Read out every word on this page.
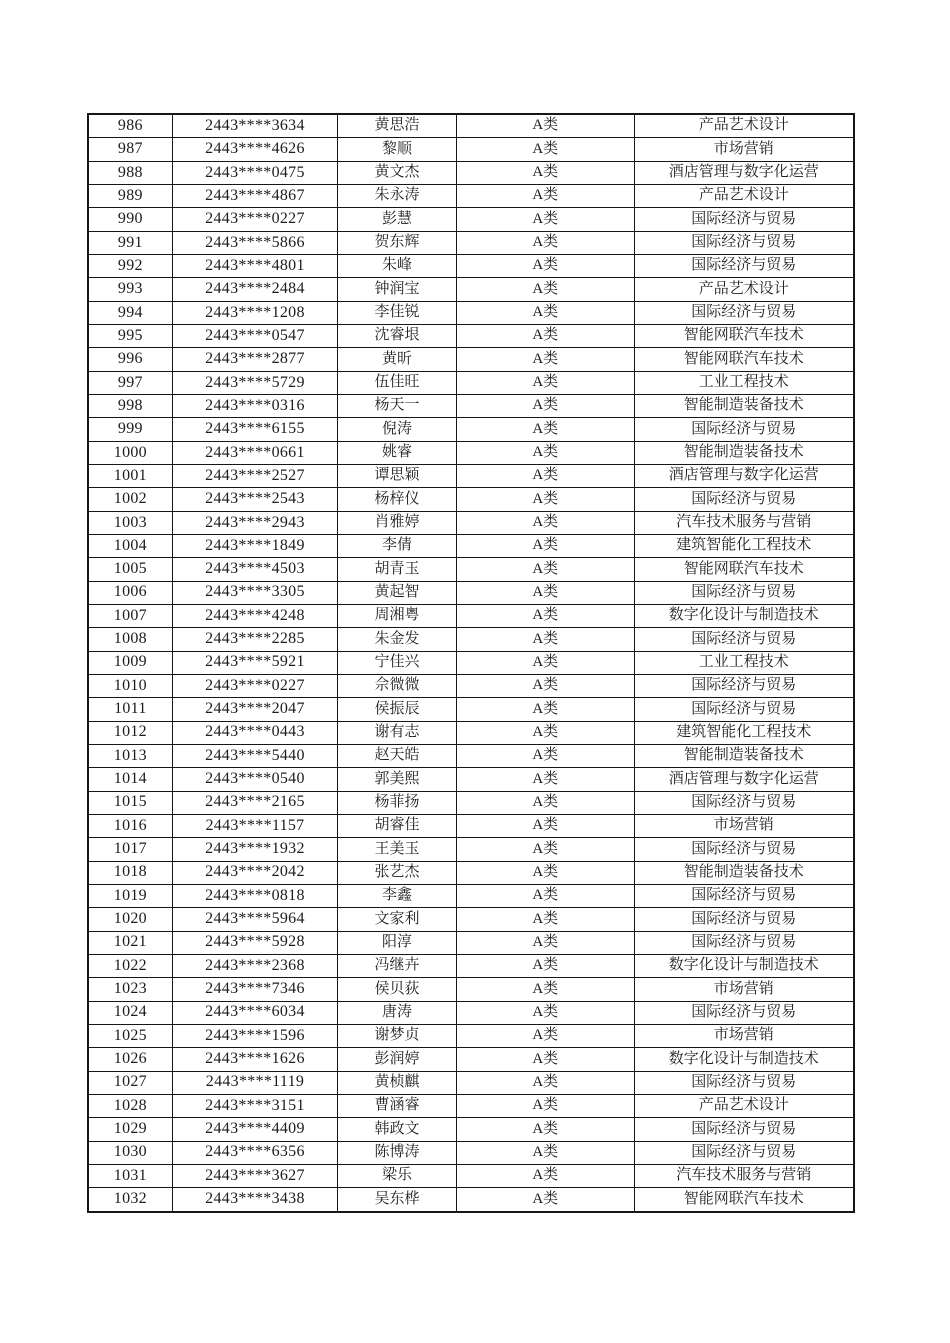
986	2443****3634	黄思浩	A类	产品艺术设计
987	2443****4626	黎顺	A类	市场营销
988	2443****0475	黄文杰	A类	酒店管理与数字化运营
989	2443****4867	朱永涛	A类	产品艺术设计
990	2443****0227	彭慧	A类	国际经济与贸易
991	2443****5866	贺东辉	A类	国际经济与贸易
992	2443****4801	朱峰	A类	国际经济与贸易
993	2443****2484	钟润宝	A类	产品艺术设计
994	2443****1208	李佳锐	A类	国际经济与贸易
995	2443****0547	沈睿垠	A类	智能网联汽车技术
996	2443****2877	黄昕	A类	智能网联汽车技术
997	2443****5729	伍佳旺	A类	工业工程技术
998	2443****0316	杨天一	A类	智能制造装备技术
999	2443****6155	倪涛	A类	国际经济与贸易
1000	2443****0661	姚睿	A类	智能制造装备技术
1001	2443****2527	谭思颖	A类	酒店管理与数字化运营
1002	2443****2543	杨梓仪	A类	国际经济与贸易
1003	2443****2943	肖雅婷	A类	汽车技术服务与营销
1004	2443****1849	李倩	A类	建筑智能化工程技术
1005	2443****4503	胡青玉	A类	智能网联汽车技术
1006	2443****3305	黄起智	A类	国际经济与贸易
1007	2443****4248	周湘粤	A类	数字化设计与制造技术
1008	2443****2285	朱金发	A类	国际经济与贸易
1009	2443****5921	宁佳兴	A类	工业工程技术
1010	2443****0227	佘微微	A类	国际经济与贸易
1011	2443****2047	侯振辰	A类	国际经济与贸易
1012	2443****0443	谢有志	A类	建筑智能化工程技术
1013	2443****5440	赵天皓	A类	智能制造装备技术
1014	2443****0540	郭美熙	A类	酒店管理与数字化运营
1015	2443****2165	杨菲扬	A类	国际经济与贸易
1016	2443****1157	胡睿佳	A类	市场营销
1017	2443****1932	王美玉	A类	国际经济与贸易
1018	2443****2042	张艺杰	A类	智能制造装备技术
1019	2443****0818	李鑫	A类	国际经济与贸易
1020	2443****5964	文家利	A类	国际经济与贸易
1021	2443****5928	阳淳	A类	国际经济与贸易
1022	2443****2368	冯继卉	A类	数字化设计与制造技术
1023	2443****7346	侯贝荻	A类	市场营销
1024	2443****6034	唐涛	A类	国际经济与贸易
1025	2443****1596	谢梦贞	A类	市场营销
1026	2443****1626	彭润婷	A类	数字化设计与制造技术
1027	2443****1119	黄桢麒	A类	国际经济与贸易
1028	2443****3151	曹涵睿	A类	产品艺术设计
1029	2443****4409	韩政文	A类	国际经济与贸易
1030	2443****6356	陈博涛	A类	国际经济与贸易
1031	2443****3627	梁乐	A类	汽车技术服务与营销
1032	2443****3438	吴东桦	A类	智能网联汽车技术
